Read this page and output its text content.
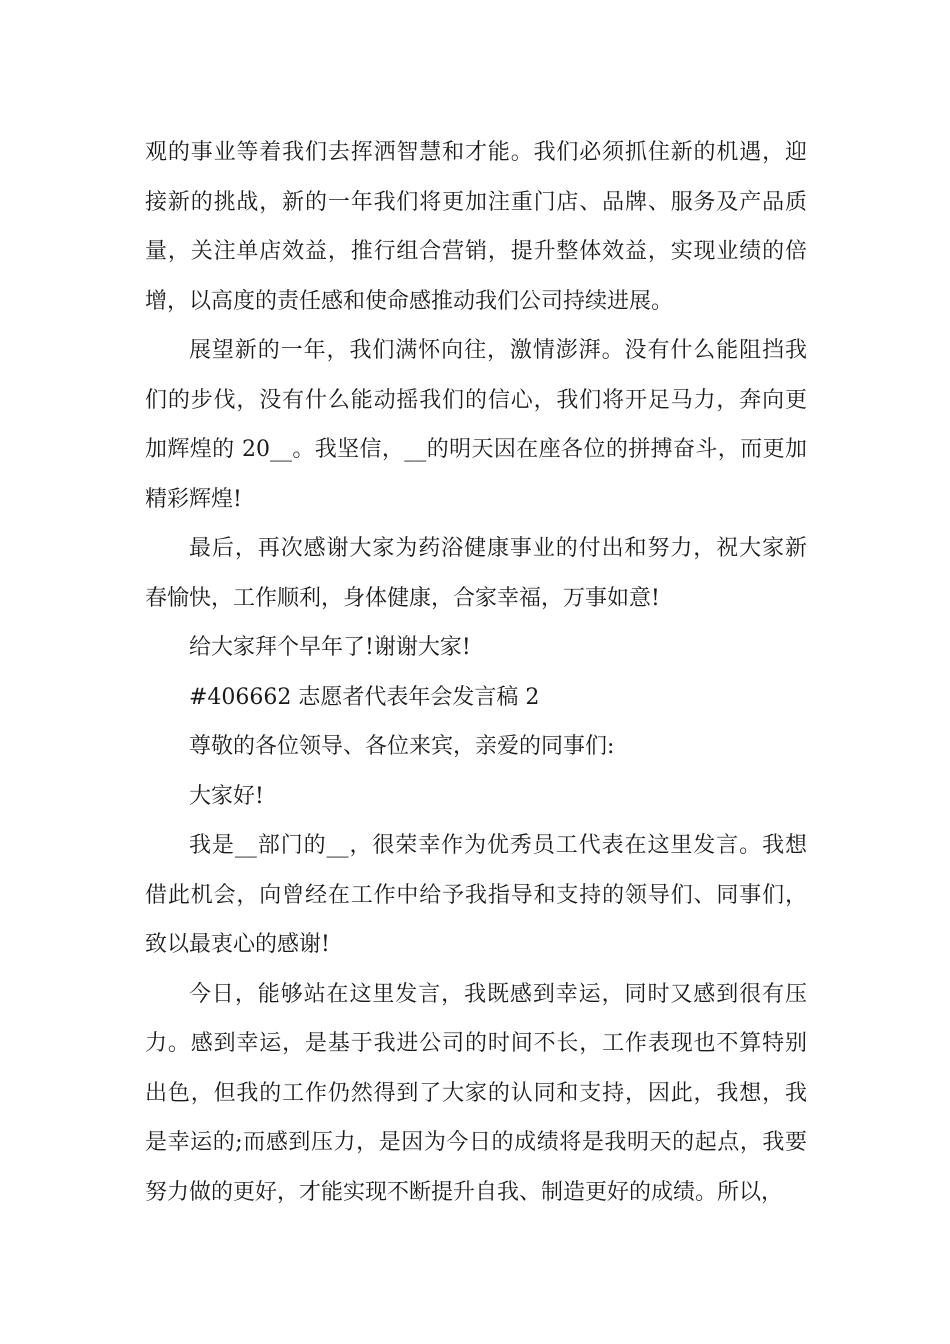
观的事业等着我们去挥洒智慧和才能。我们必须抓住新的机遇，迎
接新的挑战，新的一年我们将更加注重门店、品牌、服务及产品质
量，关注单店效益，推行组合营销，提升整体效益，实现业绩的倍
增，以高度的责任感和使命感推动我们公司持续进展。
展望新的一年，我们满怀向往，激情澎湃。没有什么能阻挡我
们的步伐，没有什么能动摇我们的信心，我们将开足马力，奔向更
加辉煌的 20__。我坚信，__的明天因在座各位的拼搏奋斗，而更加
精彩辉煌!
最后，再次感谢大家为药浴健康事业的付出和努力，祝大家新
春愉快，工作顺利，身体健康，合家幸福，万事如意!
给大家拜个早年了!谢谢大家!
#406662 志愿者代表年会发言稿 2
尊敬的各位领导、各位来宾，亲爱的同事们:
大家好!
我是__部门的__，很荣幸作为优秀员工代表在这里发言。我想
借此机会，向曾经在工作中给予我指导和支持的领导们、同事们，
致以最衷心的感谢!
今日，能够站在这里发言，我既感到幸运，同时又感到很有压
力。感到幸运，是基于我进公司的时间不长，工作表现也不算特别
出色，但我的工作仍然得到了大家的认同和支持，因此，我想，我
是幸运的;而感到压力，是因为今日的成绩将是我明天的起点，我要
努力做的更好，才能实现不断提升自我、制造更好的成绩。所以，
